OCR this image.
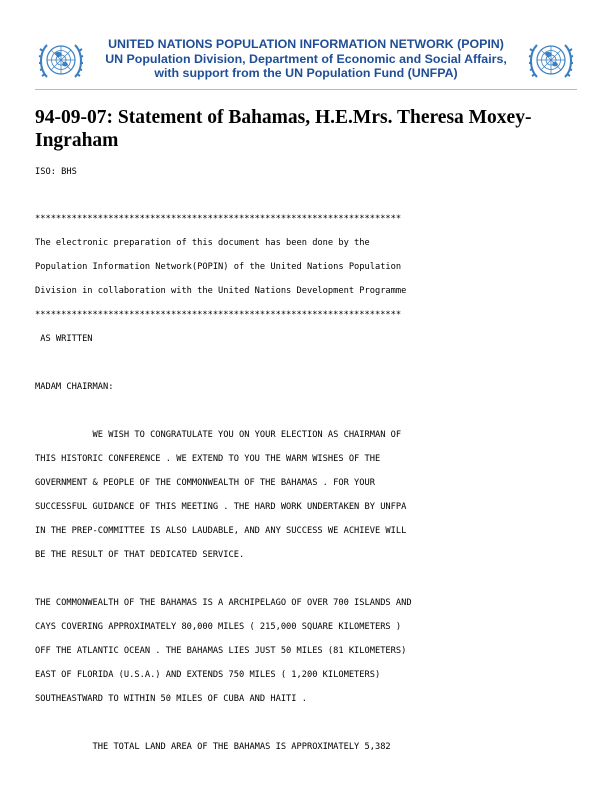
UNITED NATIONS POPULATION INFORMATION NETWORK (POPIN)
UN Population Division, Department of Economic and Social Affairs,
with support from the UN Population Fund (UNFPA)
94-09-07: Statement of Bahamas, H.E.Mrs. Theresa Moxey-Ingraham
ISO: BHS
**********************************************************************
The electronic preparation of this document has been done by the
Population Information Network(POPIN) of the United Nations Population
Division in collaboration with the United Nations Development Programme
**********************************************************************
AS WRITTEN
MADAM CHAIRMAN:
WE WISH TO CONGRATULATE YOU ON YOUR ELECTION AS CHAIRMAN OF
THIS HISTORIC CONFERENCE . WE EXTEND TO YOU THE WARM WISHES OF THE
GOVERNMENT & PEOPLE OF THE COMMONWEALTH OF THE BAHAMAS . FOR YOUR
SUCCESSFUL GUIDANCE OF THIS MEETING . THE HARD WORK UNDERTAKEN BY UNFPA
IN THE PREP-COMMITTEE IS ALSO LAUDABLE, AND ANY SUCCESS WE ACHIEVE WILL
BE THE RESULT OF THAT DEDICATED SERVICE.
THE COMMONWEALTH OF THE BAHAMAS IS A ARCHIPELAGO OF OVER 700 ISLANDS AND
CAYS COVERING APPROXIMATELY 80,000 MILES ( 215,000 SQUARE KILOMETERS )
OFF THE ATLANTIC OCEAN . THE BAHAMAS LIES JUST 50 MILES (81 KILOMETERS)
EAST OF FLORIDA (U.S.A.) AND EXTENDS 750 MILES ( 1,200 KILOMETERS)
SOUTHEASTWARD TO WITHIN 50 MILES OF CUBA AND HAITI .
THE TOTAL LAND AREA OF THE BAHAMAS IS APPROXIMATELY 5,382
